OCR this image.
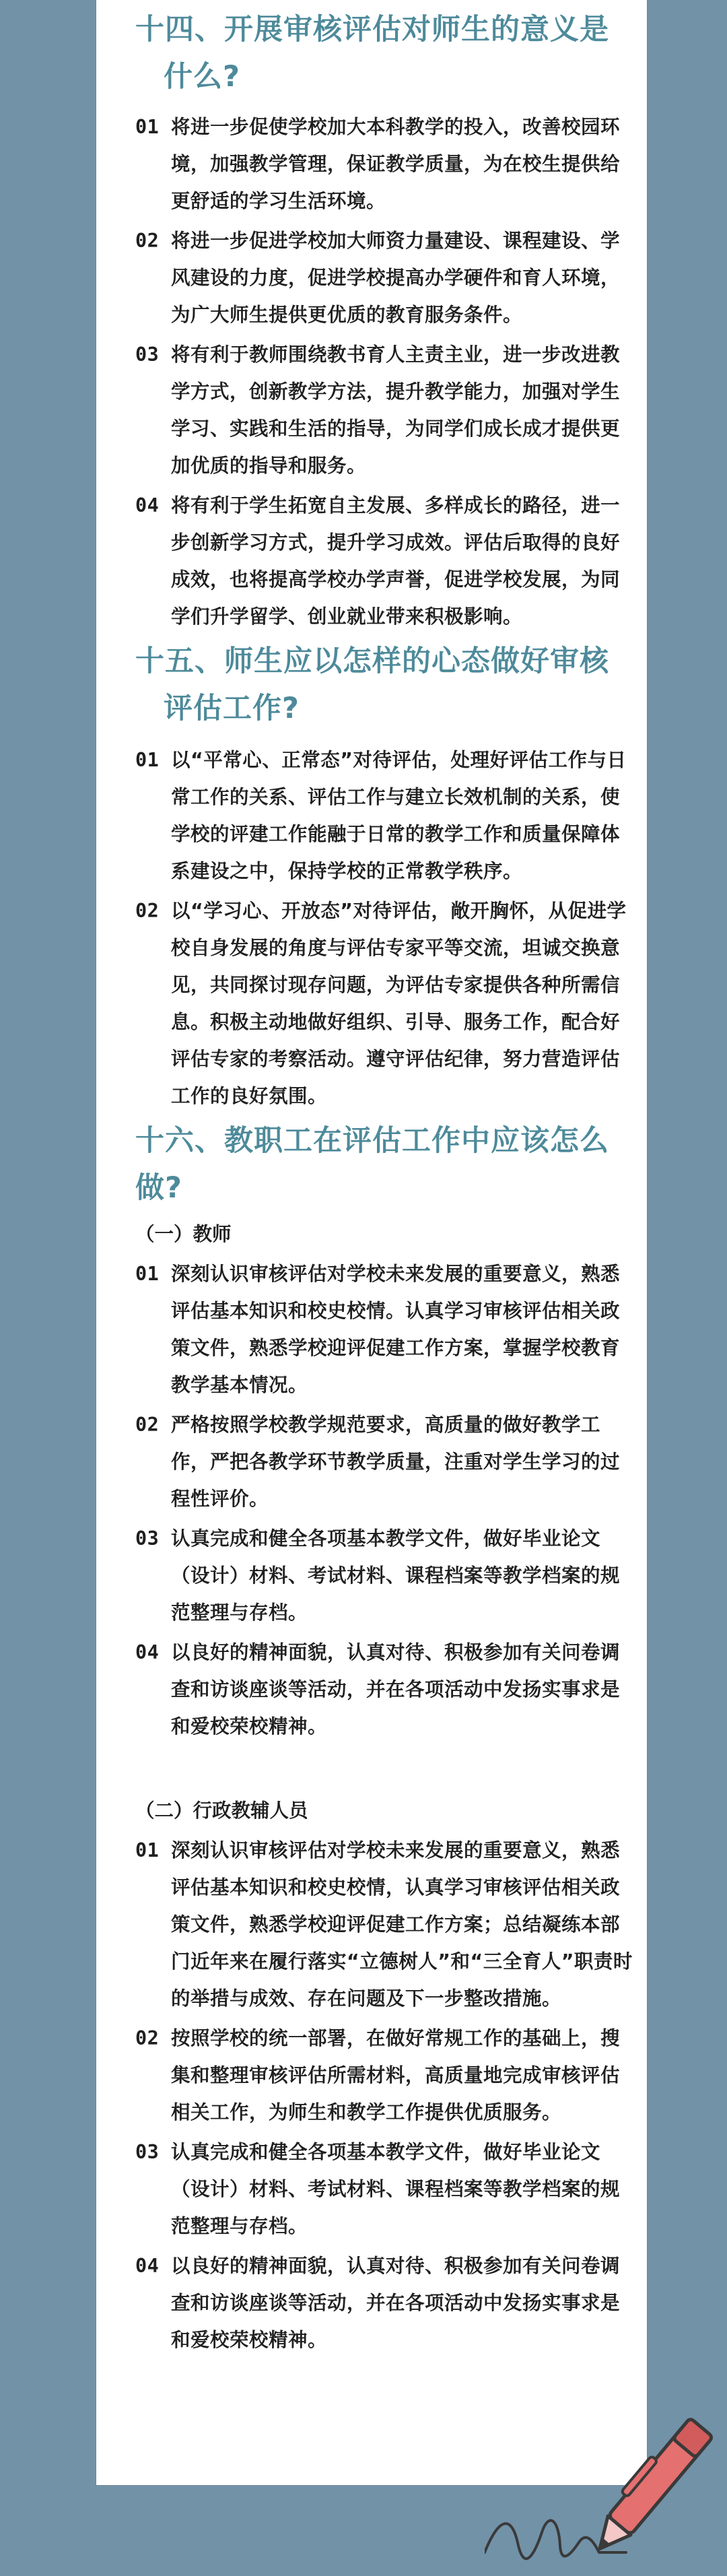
十四、开展审核评估对师生的意义是
什么?
01 将进一步促使学校加大本科教学的投入，改善校园环境，加强教学管理，保证教学质量，为在校生提供给更舒适的学习生活环境。
02 将进一步促进学校加大师资力量建设、课程建设、学风建设的力度，促进学校提高办学硬件和育人环境，为广大师生提供更优质的教育服务条件。
03 将有利于教师围绕教书育人主责主业，进一步改进教学方式，创新教学方法，提升教学能力，加强对学生学习、实践和生活的指导，为同学们成长成才提供更加优质的指导和服务。
04 将有利于学生拓宽自主发展、多样成长的路径，进一步创新学习方式，提升学习成效。评估后取得的良好成效，也将提高学校办学声誉，促进学校发展，为同学们升学留学、创业就业带来积极影响。
十五、师生应以怎样的心态做好审核
评估工作?
01 以“平常心、正常态”对待评估，处理好评估工作与日常工作的关系、评估工作与建立长效机制的关系，使学校的评建工作能融于日常的教学工作和质量保障体系建设之中，保持学校的正常教学秩序。
02 以“学习心、开放态”对待评估，敞开胸怀，从促进学校自身发展的角度与评估专家平等交流，坦诚交换意见，共同探讨现存问题，为评估专家提供各种所需信息。积极主动地做好组织、引导、服务工作，配合好评估专家的考察活动。遵守评估纪律，努力营造评估工作的良好氛围。
十六、教职工在评估工作中应该怎么做?
（一）教师
01 深刻认识审核评估对学校未来发展的重要意义，熟悉评估基本知识和校史校情。认真学习审核评估相关政策文件，熟悉学校迎评促建工作方案，掌握学校教育教学基本情况。
02 严格按照学校教学规范要求，高质量的做好教学工作，严把各教学环节教学质量，注重对学生学习的过程性评价。
03 认真完成和健全各项基本教学文件，做好毕业论文（设计）材料、考试材料、课程档案等教学档案的规范整理与存档。
04 以良好的精神面貌，认真对待、积极参加有关问卷调查和访谈座谈等活动，并在各项活动中发扬实事求是和爱校荣校精神。
（二）行政教辅人员
01 深刻认识审核评估对学校未来发展的重要意义，熟悉评估基本知识和校史校情，认真学习审核评估相关政策文件，熟悉学校迎评促建工作方案；总结凝练本部门近年来在履行落实“立德树人”和“三全育人”职责时的举措与成效、存在问题及下一步整改措施。
02 按照学校的统一部署，在做好常规工作的基础上，搜集和整理审核评估所需材料，高质量地完成审核评估相关工作，为师生和教学工作提供优质服务。
03 认真完成和健全各项基本教学文件，做好毕业论文（设计）材料、考试材料、课程档案等教学档案的规范整理与存档。
04 以良好的精神面貌，认真对待、积极参加有关问卷调查和访谈座谈等活动，并在各项活动中发扬实事求是和爱校荣校精神。
